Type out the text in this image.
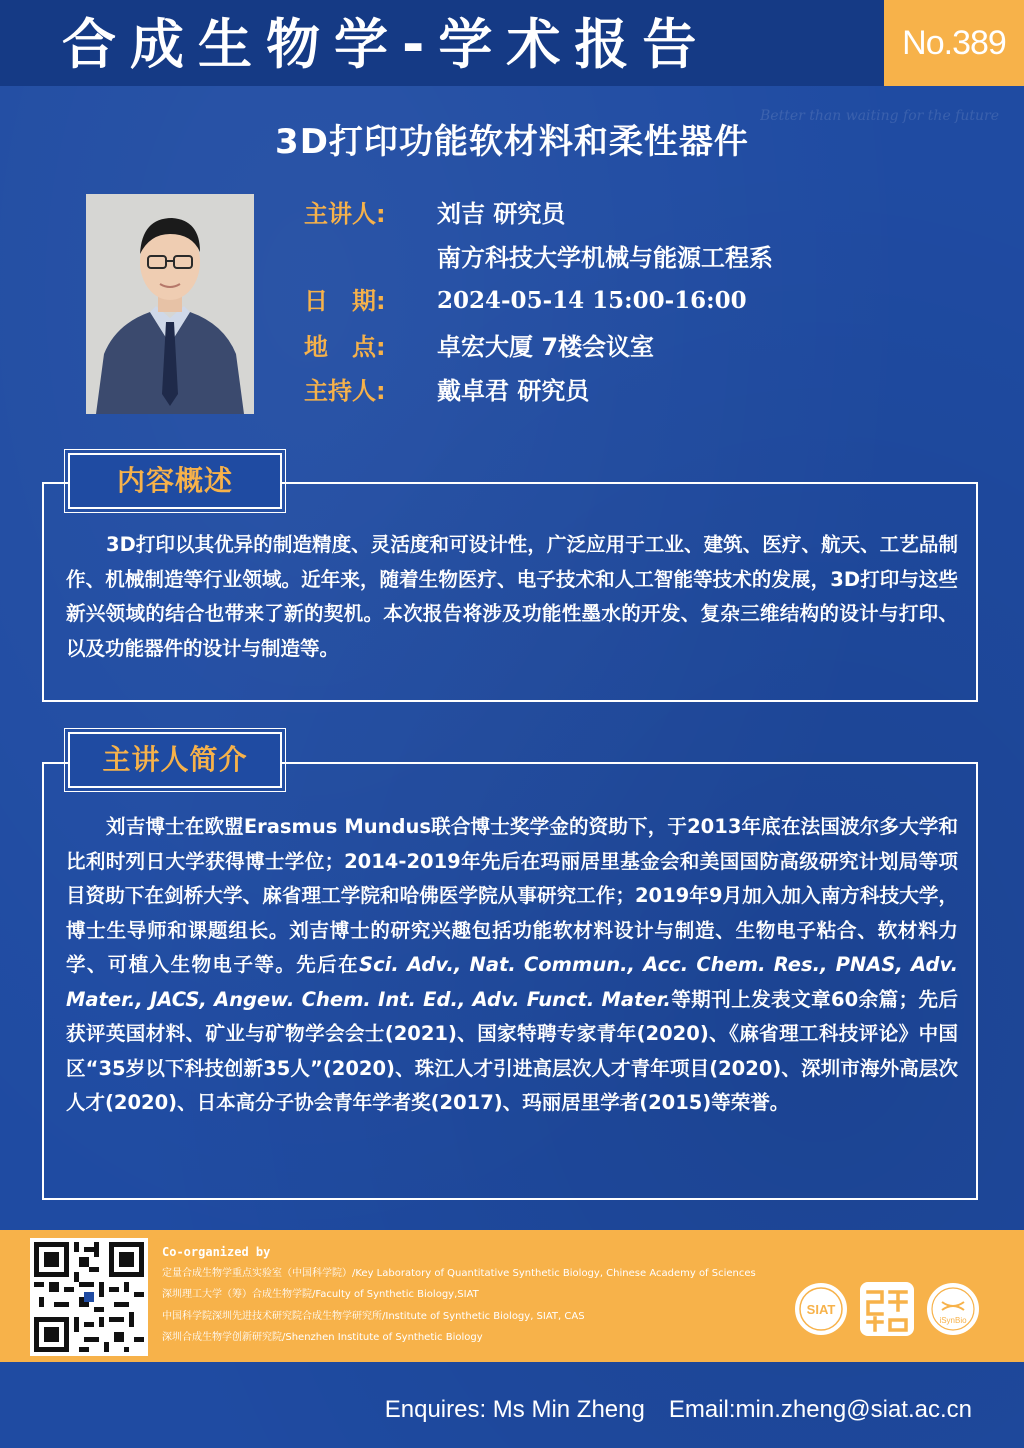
合成生物学-学术报告	No.389
Better than waiting for the future
3D打印功能软材料和柔性器件
主讲人:	刘吉 研究员
南方科技大学机械与能源工程系
日　期:	2024-05-14 15:00-16:00
地　点:	卓宏大厦 7楼会议室
主持人:	戴卓君 研究员
内容概述
3D打印以其优异的制造精度、灵活度和可设计性，广泛应用于工业、建筑、医疗、航天、工艺品制作、机械制造等行业领域。近年来，随着生物医疗、电子技术和人工智能等技术的发展，3D打印与这些新兴领域的结合也带来了新的契机。本次报告将涉及功能性墨水的开发、复杂三维结构的设计与打印、以及功能器件的设计与制造等。
主讲人简介
刘吉博士在欧盟Erasmus Mundus联合博士奖学金的资助下，于2013年底在法国波尔多大学和比利时列日大学获得博士学位；2014-2019年先后在玛丽居里基金会和美国国防高级研究计划局等项目资助下在剑桥大学、麻省理工学院和哈佛医学院从事研究工作；2019年9月加入加入南方科技大学，博士生导师和课题组长。刘吉博士的研究兴趣包括功能软材料设计与制造、生物电子粘合、软材料力学、可植入生物电子等。先后在Sci. Adv., Nat. Commun., Acc. Chem. Res., PNAS, Adv. Mater., JACS, Angew. Chem. Int. Ed., Adv. Funct. Mater.等期刊上发表文章60余篇；先后获评英国材料、矿业与矿物学会会士(2021)、国家特聘专家青年(2020)、《麻省理工科技评论》中国区“35岁以下科技创新35人”(2020)、珠江人才引进高层次人才青年项目(2020)、深圳市海外高层次人才(2020)、日本高分子协会青年学者奖(2017)、玛丽居里学者(2015)等荣誉。
Co-organized by
定量合成生物学重点实验室（中国科学院）/Key Laboratory of Quantitative Synthetic Biology, Chinese Academy of Sciences
深圳理工大学（筹）合成生物学院/Faculty of Synthetic Biology,SIAT
中国科学院深圳先进技术研究院合成生物学研究所/Institute of Synthetic Biology, SIAT, CAS
深圳合成生物学创新研究院/Shenzhen Institute of Synthetic Biology
SIAT
iSynBio
Enquires: Ms Min Zheng Email:min.zheng@siat.ac.cn
